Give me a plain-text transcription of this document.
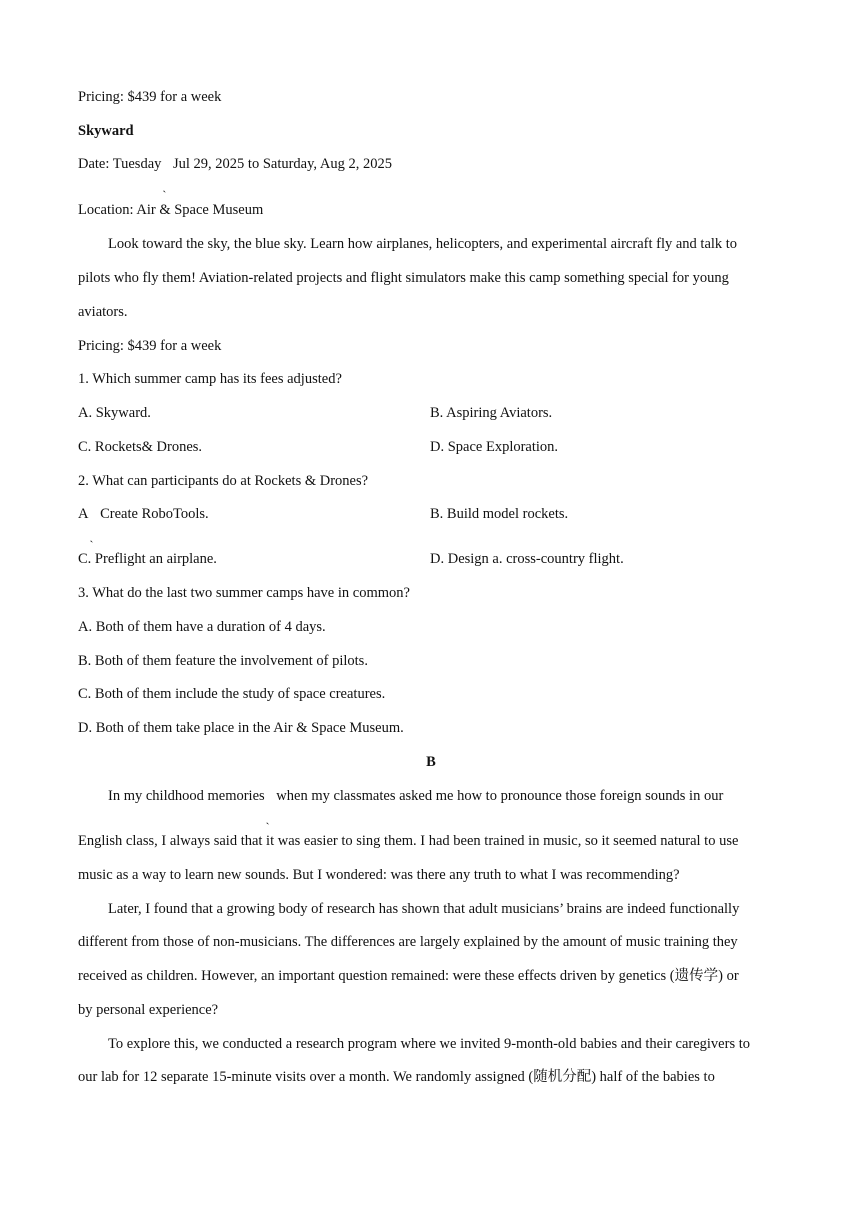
Pricing: $439 for a week
Skyward
Date: Tuesday Jul 29, 2025 to Saturday, Aug 2, 2025
Location: Air & Space Museum
Look toward the sky, the blue sky. Learn how airplanes, helicopters, and experimental aircraft fly and talk to
pilots who fly them! Aviation-related projects and flight simulators make this camp something special for young
aviators.
Pricing: $439 for a week
1. Which summer camp has its fees adjusted?
A. Skyward.	B. Aspiring Aviators.
C. Rockets& Drones.	D. Space Exploration.
2. What can participants do at Rockets & Drones?
A Create RoboTools.	B. Build model rockets.
C. Preflight an airplane.	D. Design a. cross-country flight.
3. What do the last two summer camps have in common?
A. Both of them have a duration of 4 days.
B. Both of them feature the involvement of pilots.
C. Both of them include the study of space creatures.
D. Both of them take place in the Air & Space Museum.
B
In my childhood memories when my classmates asked me how to pronounce those foreign sounds in our
English class, I always said that it was easier to sing them. I had been trained in music, so it seemed natural to use
music as a way to learn new sounds. But I wondered: was there any truth to what I was recommending?
Later, I found that a growing body of research has shown that adult musicians’ brains are indeed functionally
different from those of non-musicians. The differences are largely explained by the amount of music training they
received as children. However, an important question remained: were these effects driven by genetics (遗传学) or
by personal experience?
To explore this, we conducted a research program where we invited 9-month-old babies and their caregivers to
our lab for 12 separate 15-minute visits over a month. We randomly assigned (随机分配) half of the babies to
